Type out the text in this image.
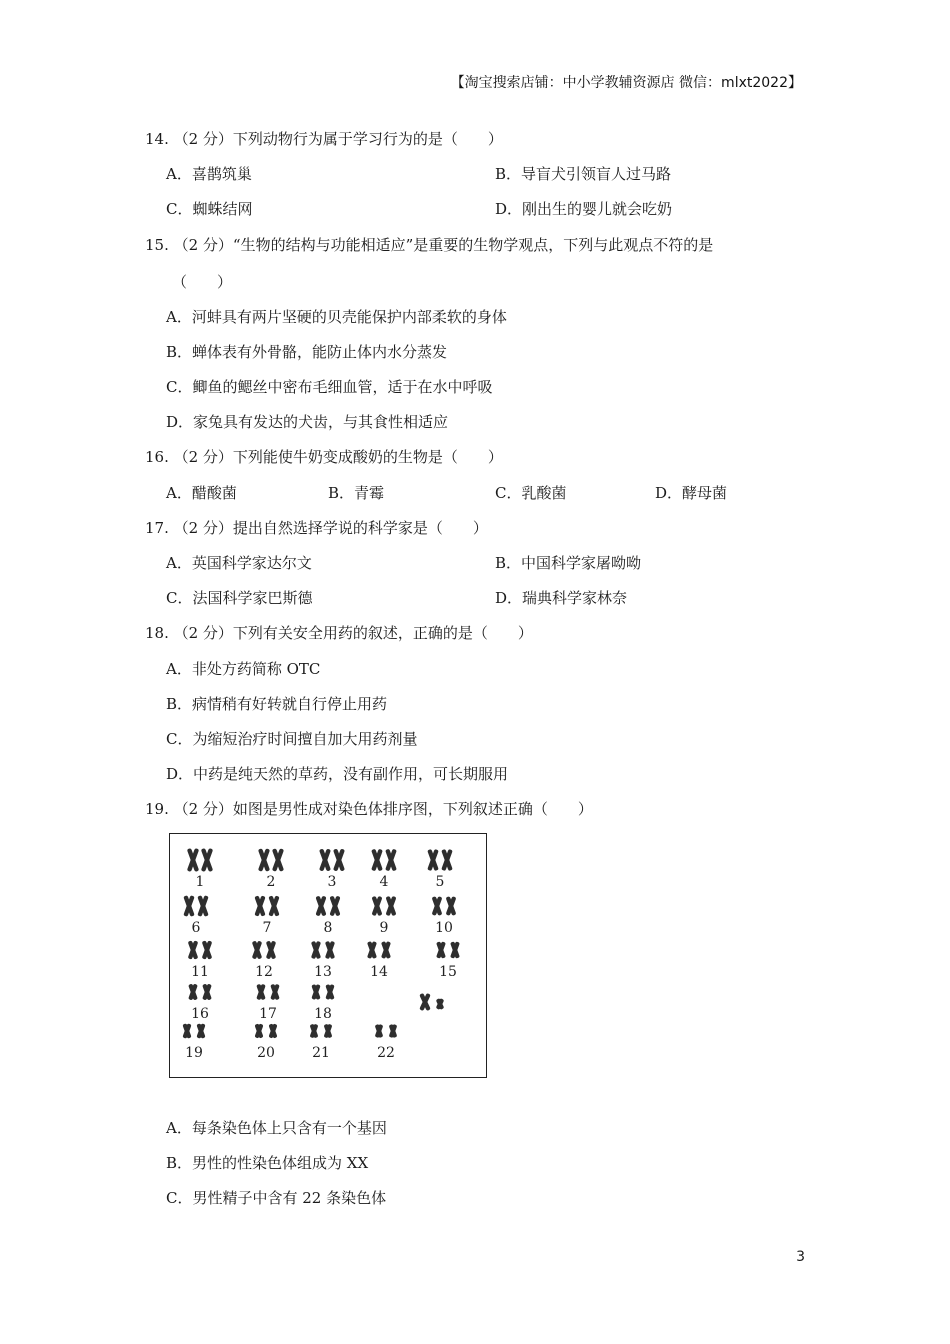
【淘宝搜索店铺：中小学教辅资源店 微信：mlxt2022】
14. （2 分）下列动物行为属于学习行为的是（　　）
A．喜鹊筑巢	B．导盲犬引领盲人过马路
C．蜘蛛结网	D．刚出生的婴儿就会吃奶
15. （2 分）“生物的结构与功能相适应”是重要的生物学观点，下列与此观点不符的是
（　　）
A．河蚌具有两片坚硬的贝壳能保护内部柔软的身体
B．蝉体表有外骨骼，能防止体内水分蒸发
C．鲫鱼的鳃丝中密布毛细血管，适于在水中呼吸
D．家兔具有发达的犬齿，与其食性相适应
16. （2 分）下列能使牛奶变成酸奶的生物是（　　）
A．醋酸菌	B．青霉	C．乳酸菌	D．酵母菌
17. （2 分）提出自然选择学说的科学家是（　　）
A．英国科学家达尔文	B．中国科学家屠呦呦
C．法国科学家巴斯德	D．瑞典科学家林奈
18. （2 分）下列有关安全用药的叙述，正确的是（　　）
A．非处方药简称 OTC
B．病情稍有好转就自行停止用药
C．为缩短治疗时间擅自加大用药剂量
D．中药是纯天然的草药，没有副作用，可长期服用
19. （2 分）如图是男性成对染色体排序图，下列叙述正确（　　）
1	2	3	4	5
6	7	8	9	10
11	12	13	14	15
16	17	18
19	20	21	22
A．每条染色体上只含有一个基因
B．男性的性染色体组成为 XX
C．男性精子中含有 22 条染色体
3
